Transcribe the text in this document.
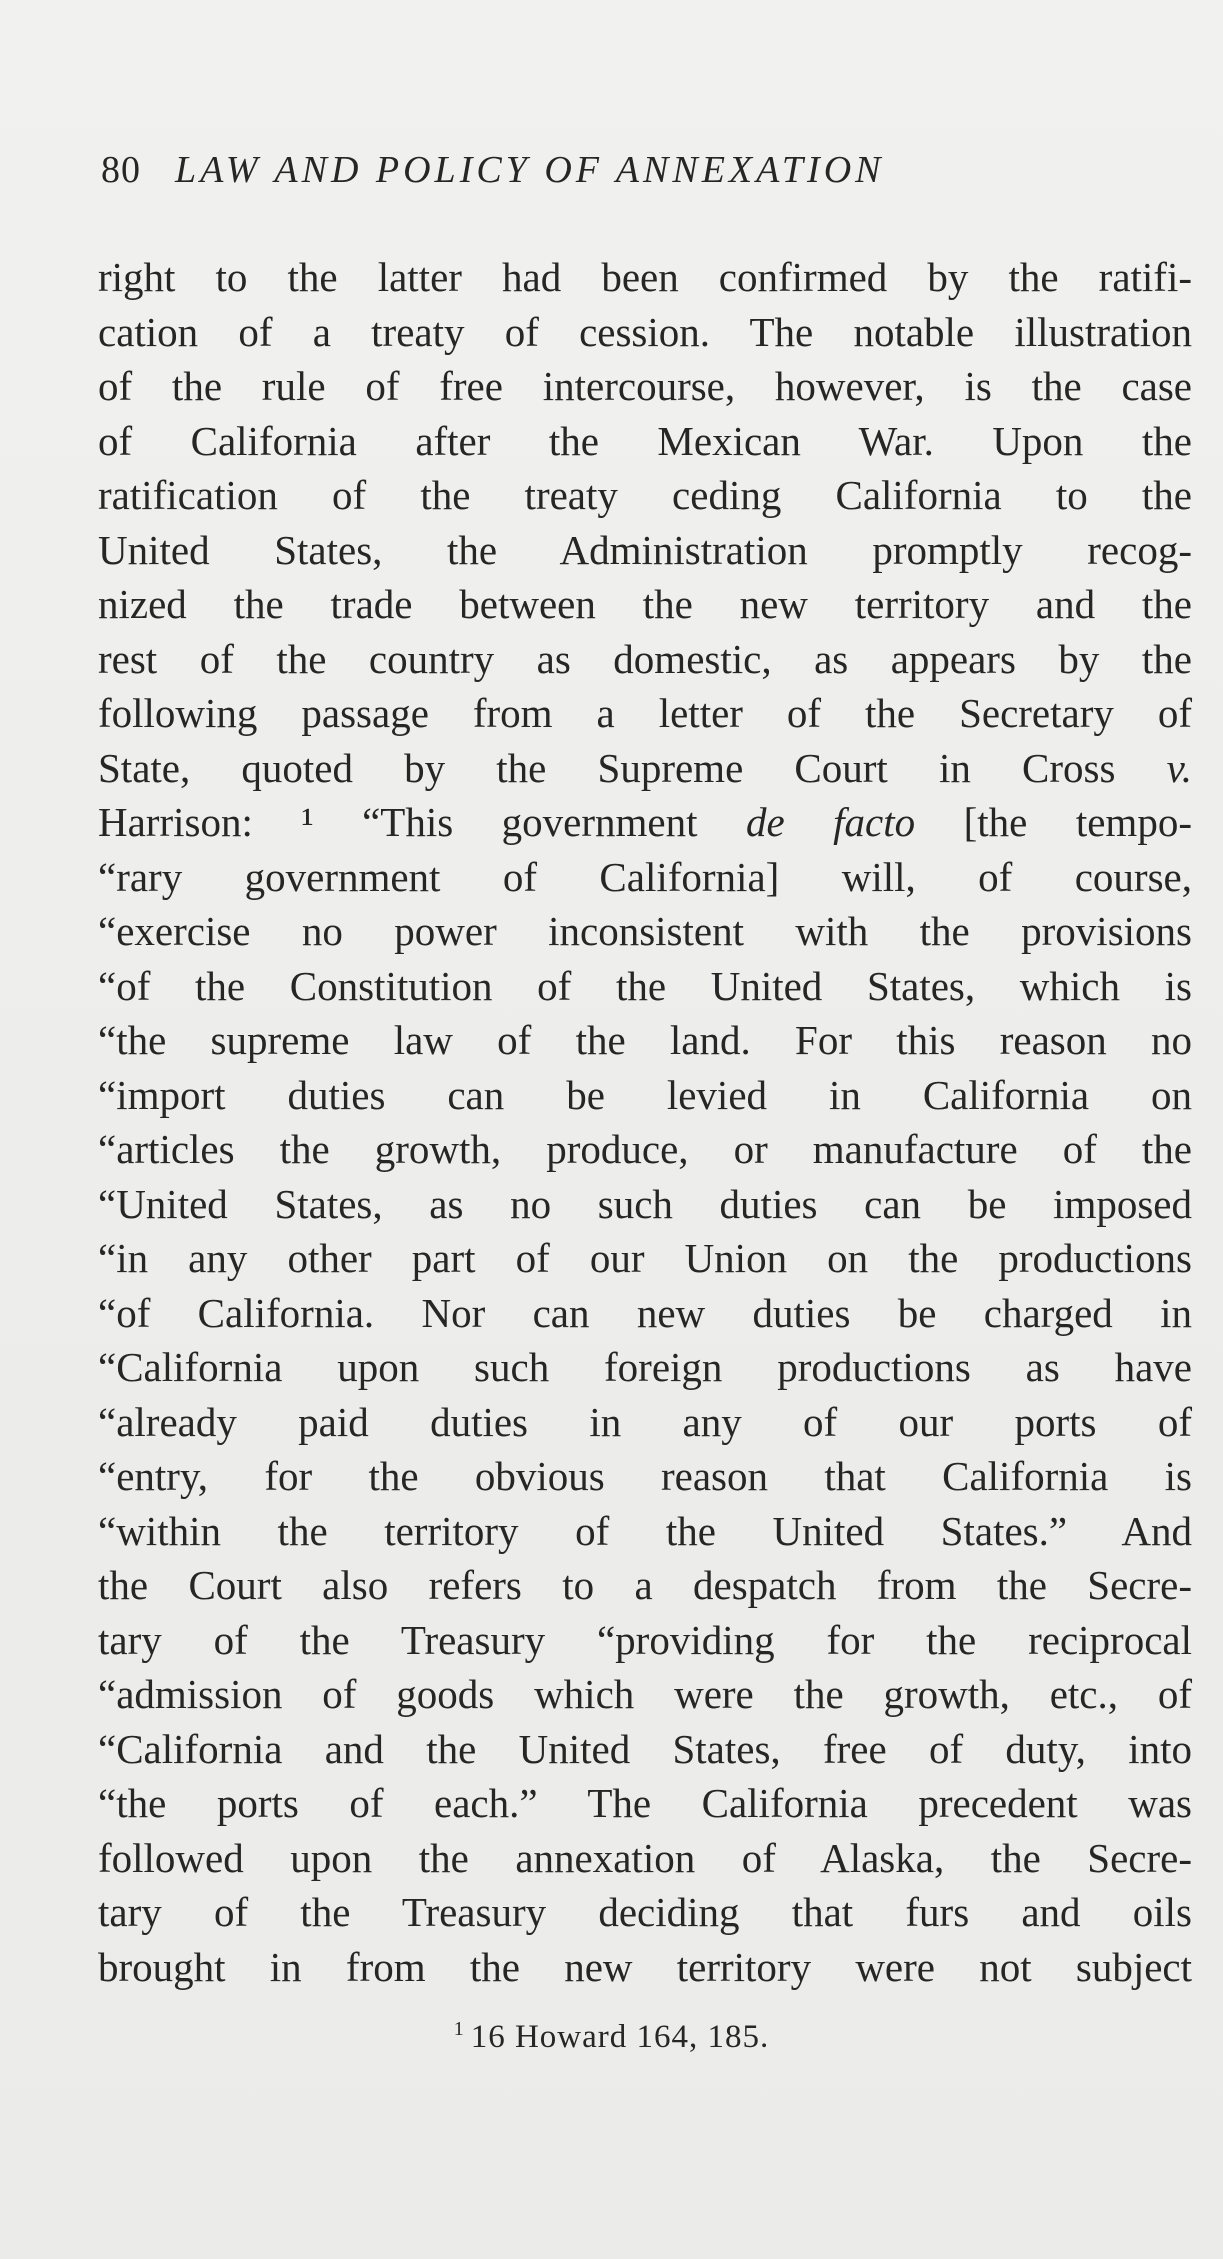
80 LAW AND POLICY OF ANNEXATION
right to the latter had been confirmed by the ratifi-
cation of a treaty of cession. The notable illustration
of the rule of free intercourse, however, is the case
of California after the Mexican War. Upon the
ratification of the treaty ceding California to the
United States, the Administration promptly recog-
nized the trade between the new territory and the
rest of the country as domestic, as appears by the
following passage from a letter of the Secretary of
State, quoted by the Supreme Court in Cross v.
Harrison: ¹ “This government de facto [the tempo-
“rary government of California] will, of course,
“exercise no power inconsistent with the provisions
“of the Constitution of the United States, which is
“the supreme law of the land. For this reason no
“import duties can be levied in California on
“articles the growth, produce, or manufacture of the
“United States, as no such duties can be imposed
“in any other part of our Union on the productions
“of California. Nor can new duties be charged in
“California upon such foreign productions as have
“already paid duties in any of our ports of
“entry, for the obvious reason that California is
“within the territory of the United States.” And
the Court also refers to a despatch from the Secre-
tary of the Treasury “providing for the reciprocal
“admission of goods which were the growth, etc., of
“California and the United States, free of duty, into
“the ports of each.” The California precedent was
followed upon the annexation of Alaska, the Secre-
tary of the Treasury deciding that furs and oils
brought in from the new territory were not subject
$^1$ 16 Howard 164, 185.
